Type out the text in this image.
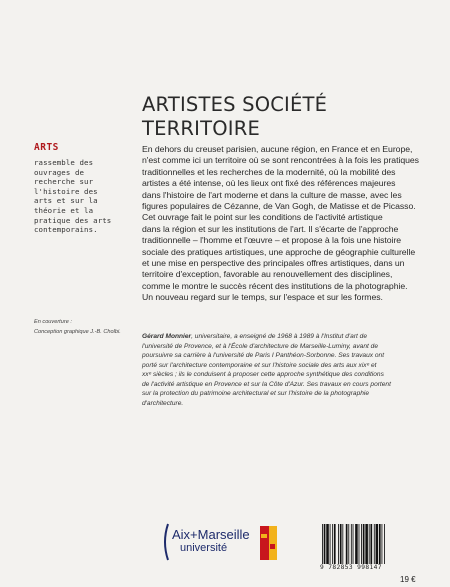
ARTISTES SOCIÉTÉ
TERRITOIRE
ARTS
rassemble des
ouvrages de
recherche sur
l'histoire des
arts et sur la
théorie et la
pratique des arts
contemporains.
En couverture :
Conception graphique J.-B. Cholbi.
En dehors du creuset parisien, aucune région, en France et en Europe,
n'est comme ici un territoire où se sont rencontrées à la fois les pratiques
traditionnelles et les recherches de la modernité, où la mobilité des
artistes a été intense, où les lieux ont fixé des références majeures
dans l'histoire de l'art moderne et dans la culture de masse, avec les
figures populaires de Cézanne, de Van Gogh, de Matisse et de Picasso.
Cet ouvrage fait le point sur les conditions de l'activité artistique
dans la région et sur les institutions de l'art. Il s'écarte de l'approche
traditionnelle – l'homme et l'œuvre – et propose à la fois une histoire
sociale des pratiques artistiques, une approche de géographie culturelle
et une mise en perspective des principales offres artistiques, dans un
territoire d'exception, favorable au renouvellement des disciplines,
comme le montre le succès récent des institutions de la photographie.
Un nouveau regard sur le temps, sur l'espace et sur les formes.
Gérard Monnier, universitaire, a enseigné de 1968 à 1989 à l'Institut d'art de
l'université de Provence, et à l'École d'architecture de Marseille-Luminy, avant de
poursuivre sa carrière à l'université de Paris I Panthéon-Sorbonne. Ses travaux ont
porté sur l'architecture contemporaine et sur l'histoire sociale des arts aux xixᵉ et
xxᵉ siècles ; ils le conduisent à proposer cette approche synthétique des conditions
de l'activité artistique en Provence et sur la Côte d'Azur. Ses travaux en cours portent
sur la protection du patrimoine architectural et sur l'histoire de la photographie
d'architecture.
Aix+Marseille
université
9 782853 998147
19 €
